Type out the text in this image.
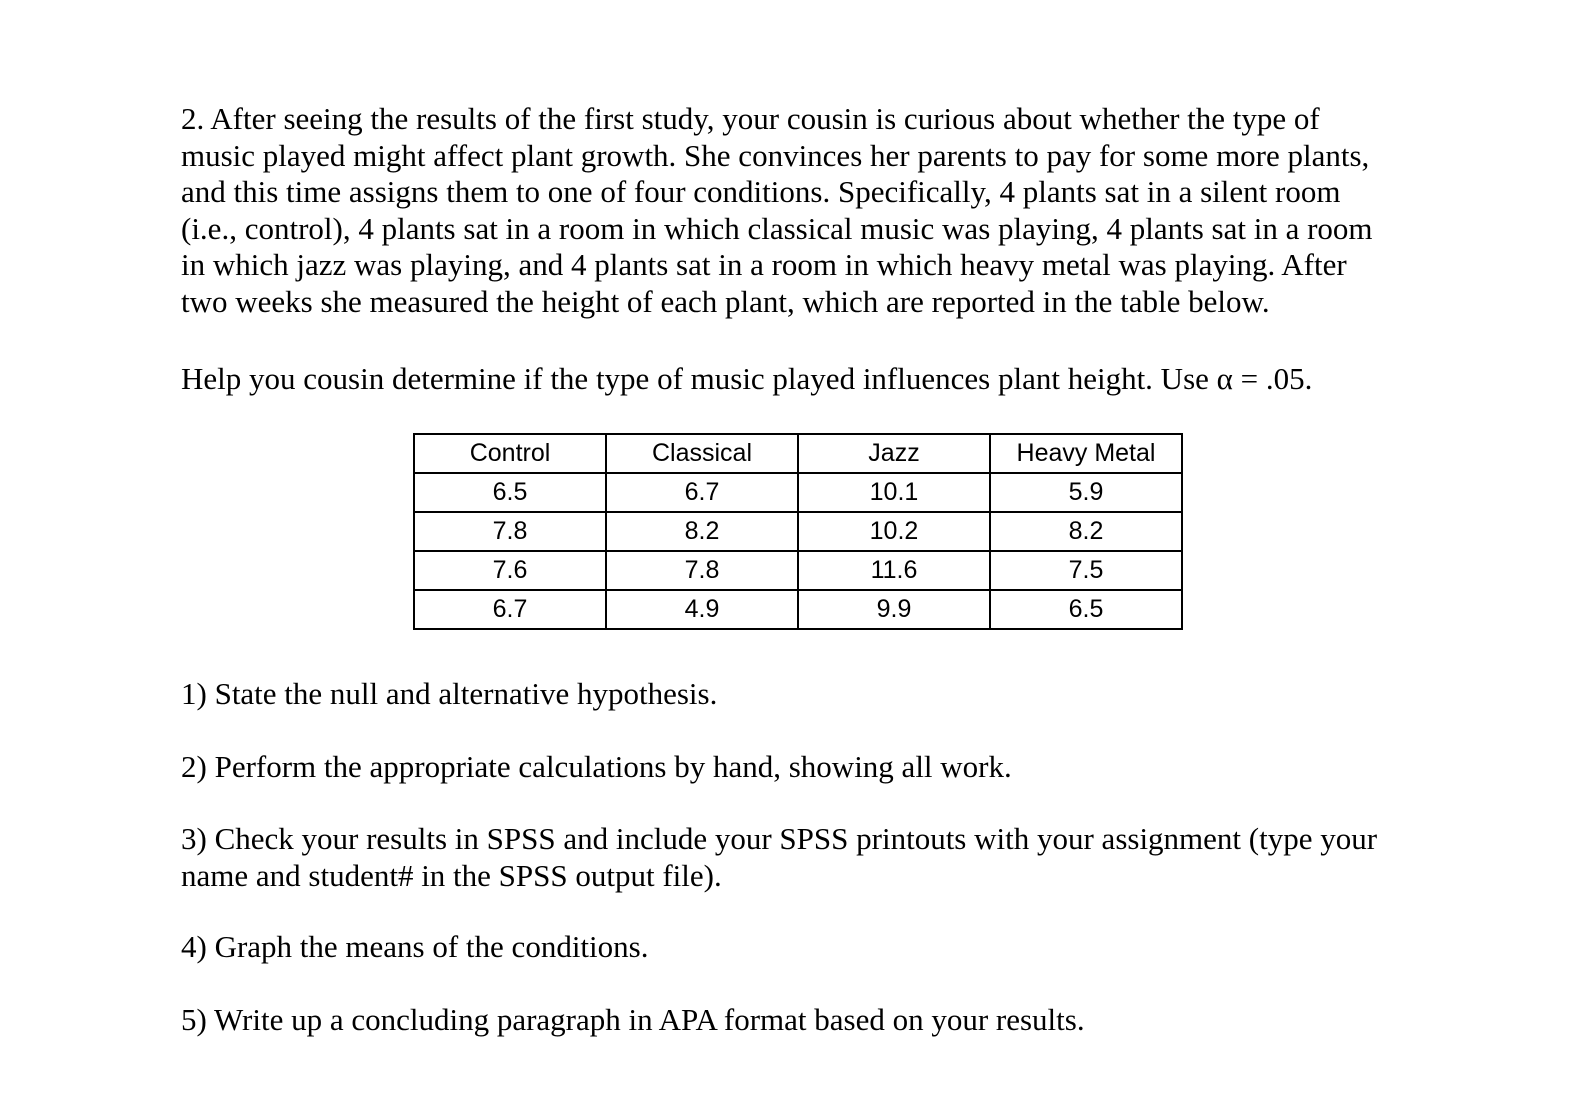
2. After seeing the results of the first study, your cousin is curious about whether the type of
music played might affect plant growth. She convinces her parents to pay for some more plants,
and this time assigns them to one of four conditions. Specifically, 4 plants sat in a silent room
(i.e., control), 4 plants sat in a room in which classical music was playing, 4 plants sat in a room
in which jazz was playing, and 4 plants sat in a room in which heavy metal was playing. After
two weeks she measured the height of each plant, which are reported in the table below.

Help you cousin determine if the type of music played influences plant height. Use α = .05.

Control	Classical	Jazz	Heavy Metal
6.5	6.7	10.1	5.9
7.8	8.2	10.2	8.2
7.6	7.8	11.6	7.5
6.7	4.9	9.9	6.5
1) State the null and alternative hypothesis.
2) Perform the appropriate calculations by hand, showing all work.
3) Check your results in SPSS and include your SPSS printouts with your assignment (type your
name and student# in the SPSS output file).
4) Graph the means of the conditions.
5) Write up a concluding paragraph in APA format based on your results.
